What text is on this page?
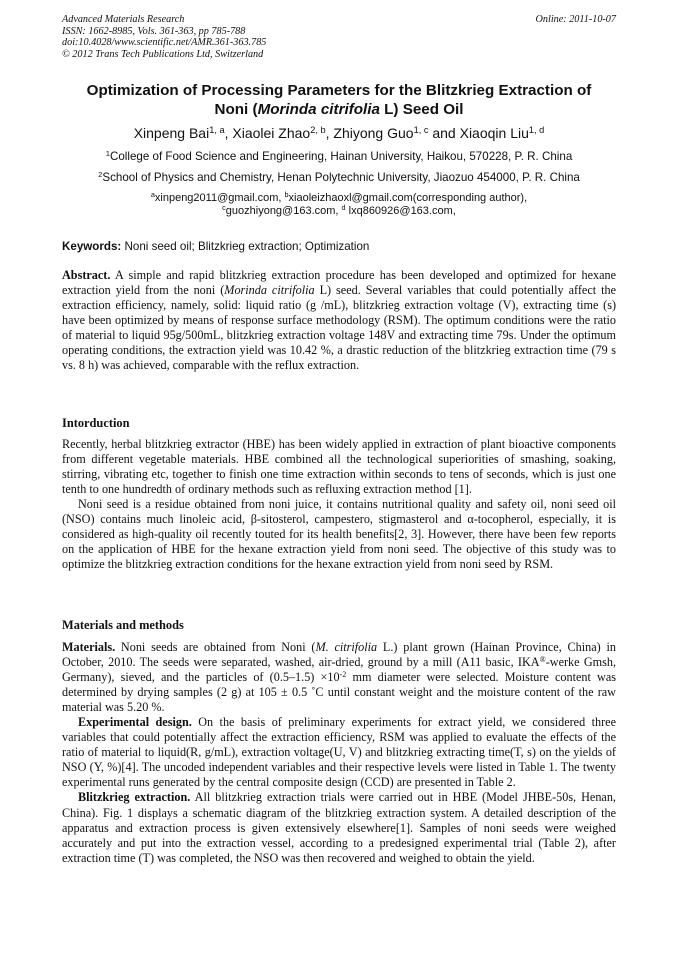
Advanced Materials Research
ISSN: 1662-8985, Vols. 361-363, pp 785-788
doi:10.4028/www.scientific.net/AMR.361-363.785
© 2012 Trans Tech Publications Ltd, Switzerland
Online: 2011-10-07
Optimization of Processing Parameters for the Blitzkrieg Extraction of
Noni (Morinda citrifolia L) Seed Oil
Xinpeng Bai$^{1, a}$, Xiaolei Zhao$^{2, b}$, Zhiyong Guo$^{1, c}$ and Xiaoqin Liu$^{1, d}$
$^1$College of Food Science and Engineering, Hainan University, Haikou, 570228, P. R. China
$^2$School of Physics and Chemistry, Henan Polytechnic University, Jiaozuo 454000, P. R. China
$^a$xinpeng2011@gmail.com, $^b$xiaoleizhaoxl@gmail.com(corresponding author),
$^c$guozhiyong@163.com, $^d$ lxq860926@163.com,
Keywords: Noni seed oil; Blitzkrieg extraction; Optimization

Abstract. A simple and rapid blitzkrieg extraction procedure has been developed and optimized for hexane extraction yield from the noni (Morinda citrifolia L) seed. Several variables that could potentially affect the extraction efficiency, namely, solid: liquid ratio (g /mL), blitzkrieg extraction voltage (V), extracting time (s) have been optimized by means of response surface methodology (RSM). The optimum conditions were the ratio of material to liquid 95g/500mL, blitzkrieg extraction voltage 148V and extracting time 79s. Under the optimum operating conditions, the extraction yield was 10.42 %, a drastic reduction of the blitzkrieg extraction time (79 s vs. 8 h) was achieved, comparable with the reflux extraction.

Intorduction

Recently, herbal blitzkrieg extractor (HBE) has been widely applied in extraction of plant bioactive components from different vegetable materials. HBE combined all the technological superiorities of smashing, soaking, stirring, vibrating etc, together to finish one time extraction within seconds to tens of seconds, which is just one tenth to one hundredth of ordinary methods such as refluxing extraction method [1].

Noni seed is a residue obtained from noni juice, it contains nutritional quality and safety oil, noni seed oil (NSO) contains much linoleic acid, β-sitosterol, campestero, stigmasterol and α-tocopherol, especially, it is considered as high-quality oil recently touted for its health benefits[2, 3]. However, there have been few reports on the application of HBE for the hexane extraction yield from noni seed. The objective of this study was to optimize the blitzkrieg extraction conditions for the hexane extraction yield from noni seed by RSM.

Materials and methods

Materials. Noni seeds are obtained from Noni (M. citrifolia L.) plant grown (Hainan Province, China) in October, 2010. The seeds were separated, washed, air-dried, ground by a mill (A11 basic, IKA®-werke Gmsh, Germany), sieved, and the particles of $(0.5-1.5) \times 10^{-2}$ mm diameter were selected. Moisture content was determined by drying samples (2 g) at 105 ± 0.5 ˚C until constant weight and the moisture content of the raw material was 5.20 %.

Experimental design. On the basis of preliminary experiments for extract yield, we considered three variables that could potentially affect the extraction efficiency, RSM was applied to evaluate the effects of the ratio of material to liquid(R, g/mL), extraction voltage(U, V) and blitzkrieg extracting time(T, s) on the yields of NSO (Y, %)[4]. The uncoded independent variables and their respective levels were listed in Table 1. The twenty experimental runs generated by the central composite design (CCD) are presented in Table 2.

Blitzkrieg extraction. All blitzkrieg extraction trials were carried out in HBE (Model JHBE-50s, Henan, China). Fig. 1 displays a schematic diagram of the blitzkrieg extraction system. A detailed description of the apparatus and extraction process is given extensively elsewhere[1]. Samples of noni seeds were weighed accurately and put into the extraction vessel, according to a predesigned experimental trial (Table 2), after extraction time (T) was completed, the NSO was then recovered and weighed to obtain the yield.
